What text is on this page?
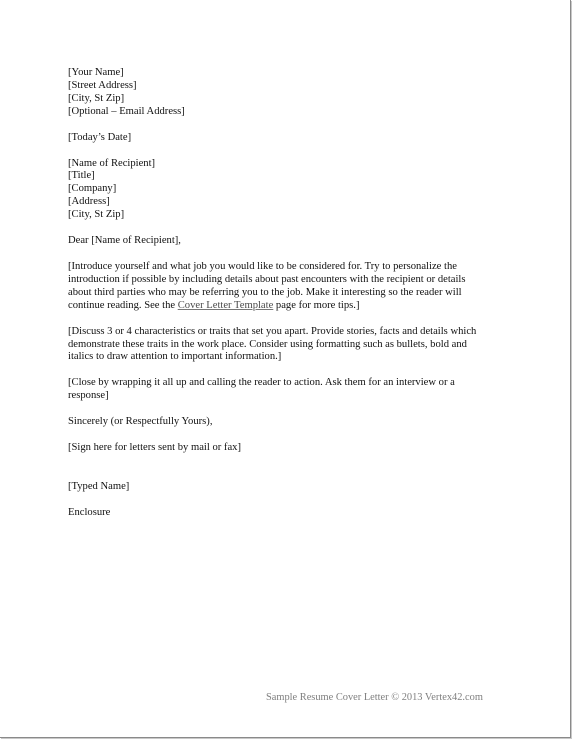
[Your Name]
[Street Address]
[City, St Zip]
[Optional – Email Address]
[Today’s Date]
[Name of Recipient]
[Title]
[Company]
[Address]
[City, St Zip]
Dear [Name of Recipient],
[Introduce yourself and what job you would like to be considered for. Try to personalize the
introduction if possible by including details about past encounters with the recipient or details
about third parties who may be referring you to the job. Make it interesting so the reader will
continue reading. See the Cover Letter Template page for more tips.]
[Discuss 3 or 4 characteristics or traits that set you apart. Provide stories, facts and details which
demonstrate these traits in the work place. Consider using formatting such as bullets, bold and
italics to draw attention to important information.]
[Close by wrapping it all up and calling the reader to action. Ask them for an interview or a
response]
Sincerely (or Respectfully Yours),
[Sign here for letters sent by mail or fax]
[Typed Name]
Enclosure
Sample Resume Cover Letter © 2013 Vertex42.com
